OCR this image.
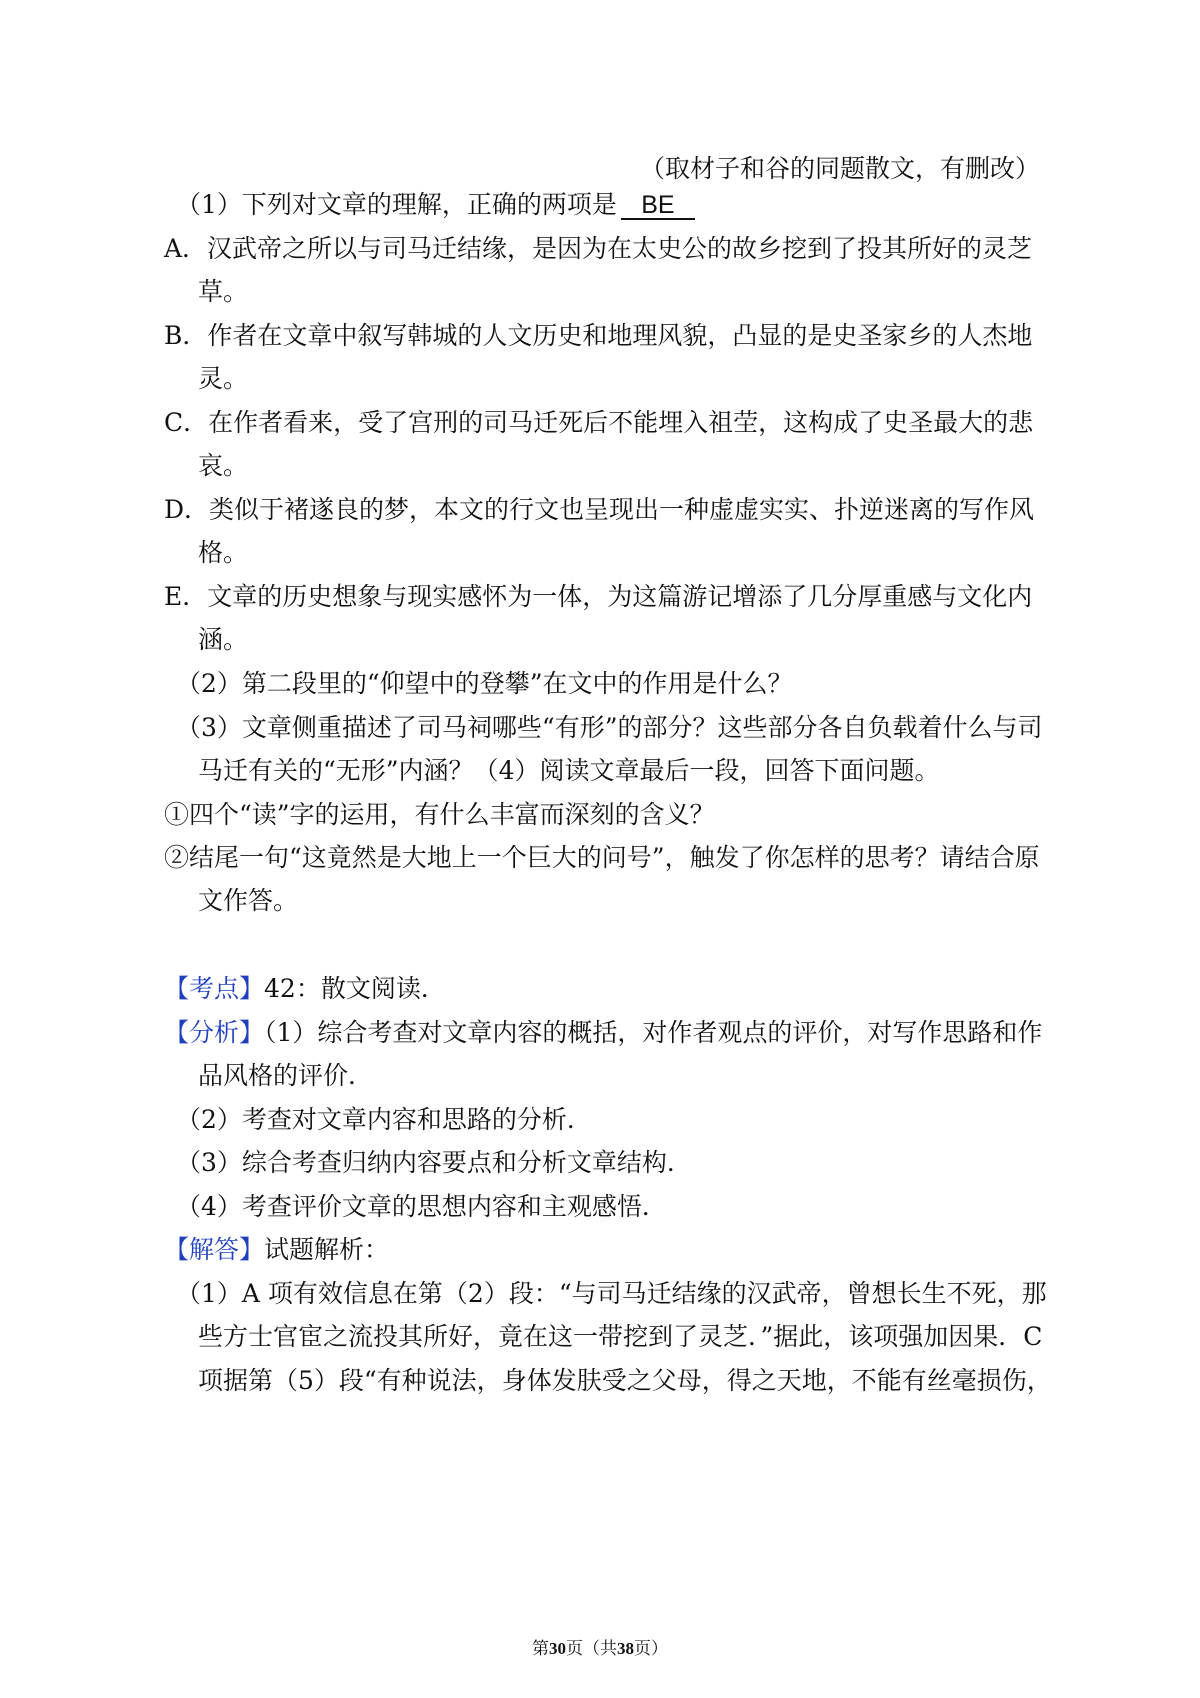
（取材子和谷的同题散文，有删改）
（1）下列对文章的理解，正确的两项是 BE
A．汉武帝之所以与司马迁结缘，是因为在太史公的故乡挖到了投其所好的灵芝
草。
B．作者在文章中叙写韩城的人文历史和地理风貌，凸显的是史圣家乡的人杰地
灵。
C．在作者看来，受了宫刑的司马迁死后不能埋入祖茔，这构成了史圣最大的悲
哀。
D．类似于褚遂良的梦，本文的行文也呈现出一种虚虚实实、扑逆迷离的写作风
格。
E．文章的历史想象与现实感怀为一体，为这篇游记增添了几分厚重感与文化内
涵。
（2）第二段里的“仰望中的登攀”在文中的作用是什么？
（3）文章侧重描述了司马祠哪些“有形”的部分？这些部分各自负载着什么与司
马迁有关的“无形”内涵？（4）阅读文章最后一段，回答下面问题。
①四个“读”字的运用，有什么丰富而深刻的含义？
②结尾一句“这竟然是大地上一个巨大的问号”，触发了你怎样的思考？请结合原
文作答。
【考点】42：散文阅读．
【分析】（1）综合考查对文章内容的概括，对作者观点的评价，对写作思路和作
品风格的评价．
（2）考查对文章内容和思路的分析．
（3）综合考查归纳内容要点和分析文章结构．
（4）考查评价文章的思想内容和主观感悟．
【解答】试题解析：
（1）A 项有效信息在第（2）段：“与司马迁结缘的汉武帝，曾想长生不死，那
些方士官宦之流投其所好，竟在这一带挖到了灵芝．”据此，该项强加因果．C
项据第（5）段“有种说法，身体发肤受之父母，得之天地，不能有丝毫损伤，
第30页（共38页）
